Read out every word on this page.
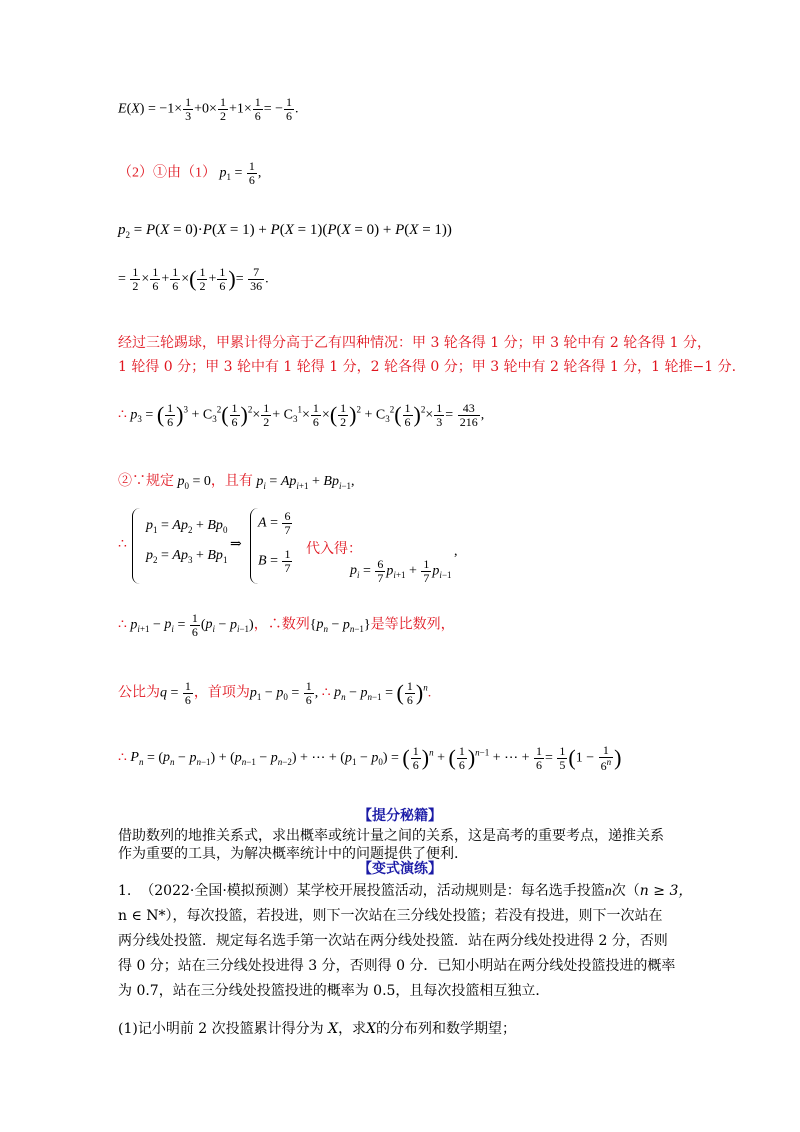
$E(X) = -1\times \frac{1}{3} +0\times \frac{1}{2} +1\times \frac{1}{6}$ = − $\frac{1}{6}$ .
（2）①由（1） $p_1 = \frac{1}{6}$ ,
$p_2 = P(X = 0)\cdot P(X = 1) + P(X = 1)(P(X = 0) + P(X = 1))$
= $\frac{1}{2} \times \frac{1}{6} + \frac{1}{6}$ ×( $\frac{1}{2} + \frac{1}{6}$ )= $\frac{7}{36}$ .
经过三轮踢球，甲累计得分高于乙有四种情况：甲 3 轮各得 1 分；甲 3 轮中有 2 轮各得 1 分，
1 轮得 0 分；甲 3 轮中有 1 轮得 1 分，2 轮各得 0 分；甲 3 轮中有 2 轮各得 1 分，1 轮推−1 分.
∴ $p_3$ = ( $\frac{1}{6} )^3 + C_3^2( \frac{1}{6} )^2\times \frac{1}{2} + C_3^1\times \frac{1}{6}$ ×( $\frac{1}{2} )^2 + C_3^2( \frac{1}{6} )^2\times \frac{1}{3} = \frac{43}{216}$ ,
②∵规定 $p_0 = 0$，且有 $p_i = Ap_{i+1} + Bp_{i-1}$,
∴
$p_1 = Ap_2 + Bp_0$
$p_2 = Ap_3 + Bp_1$
⇒
$A = \frac{6}{7}$
$B = \frac{1}{7}$ 代入得：
$p_i = \frac{6}{7} p_{i+1} + \frac{1}{7} p_{i-1}$
,
∴ $p_{i+1} - p_i = \frac{1}{6} (p_i - p_{i-1})$，∴数列$\{p_n - p_{n-1}\}$是等比数列，
公比为$q = \frac{1}{6}$ ，首项为$p_1 - p_0 = \frac{1}{6}$ , ∴ $p_n - p_{n-1}$ = ( $\frac{1}{6} )^n$.
∴ $P_n = (p_n - p_{n-1}) + (p_{n-1} - p_{n-2})$ + ⋯ + $(p_1 - p_0)$ = ( $\frac{1}{6} )^n$ + ( $\frac{1}{6} )^{n-1}$ + ⋯ + $\frac{1}{6} = \frac{1}{5} (1 - \frac{1}{6^n}$ )
【提分秘籍】
借助数列的地推关系式，求出概率或统计量之间的关系，这是高考的重要考点，递推关系
作为重要的工具，为解决概率统计中的问题提供了便利.
【变式演练】
1. （2022·全国·模拟预测）某学校开展投篮活动，活动规则是：每名选手投篮n次（n ≥ 3，
n ∈ N*），每次投篮，若投进，则下一次站在三分线处投篮；若没有投进，则下一次站在
两分线处投篮．规定每名选手第一次站在两分线处投篮．站在两分线处投进得 2 分，否则
得 0 分；站在三分线处投进得 3 分，否则得 0 分．已知小明站在两分线处投篮投进的概率
为 0.7，站在三分线处投篮投进的概率为 0.5，且每次投篮相互独立．
(1)记小明前 2 次投篮累计得分为 X，求X的分布列和数学期望；
